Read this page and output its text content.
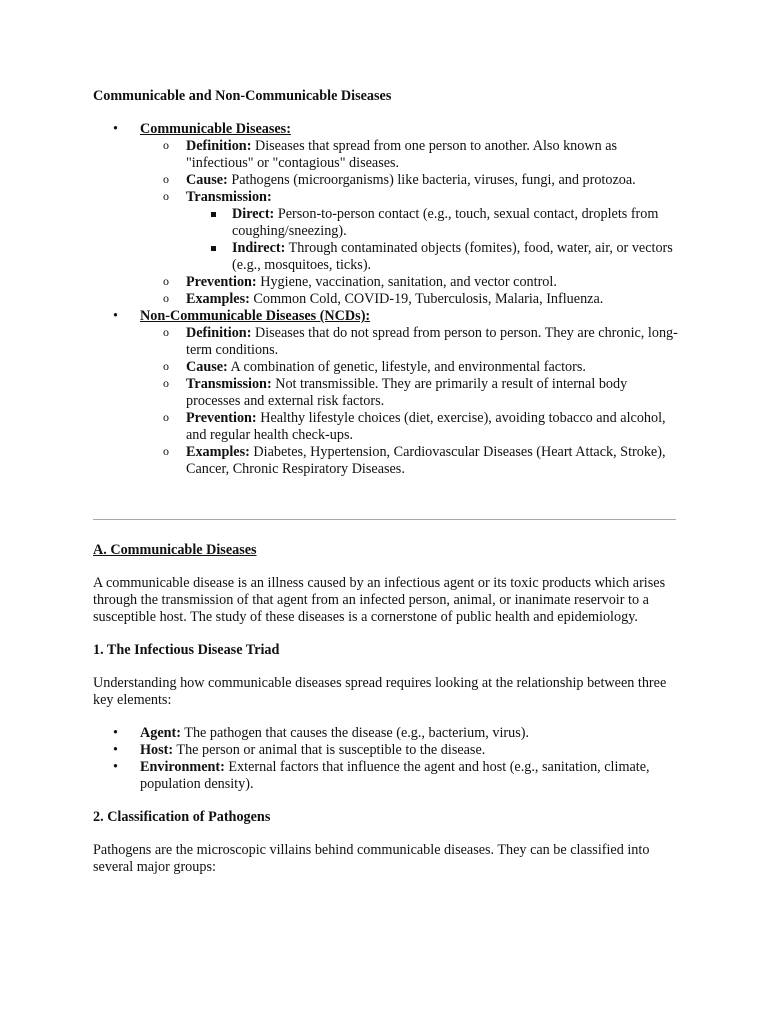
Communicable and Non-Communicable Diseases
• Communicable Diseases:
o Definition: Diseases that spread from one person to another. Also known as "infectious" or "contagious" diseases.
o Cause: Pathogens (microorganisms) like bacteria, viruses, fungi, and protozoa.
o Transmission:
Direct: Person-to-person contact (e.g., touch, sexual contact, droplets from coughing/sneezing).
Indirect: Through contaminated objects (fomites), food, water, air, or vectors (e.g., mosquitoes, ticks).
o Prevention: Hygiene, vaccination, sanitation, and vector control.
o Examples: Common Cold, COVID-19, Tuberculosis, Malaria, Influenza.
• Non-Communicable Diseases (NCDs):
o Definition: Diseases that do not spread from person to person. They are chronic, long-term conditions.
o Cause: A combination of genetic, lifestyle, and environmental factors.
o Transmission: Not transmissible. They are primarily a result of internal body processes and external risk factors.
o Prevention: Healthy lifestyle choices (diet, exercise), avoiding tobacco and alcohol, and regular health check-ups.
o Examples: Diabetes, Hypertension, Cardiovascular Diseases (Heart Attack, Stroke), Cancer, Chronic Respiratory Diseases.
A. Communicable Diseases

A communicable disease is an illness caused by an infectious agent or its toxic products which arises through the transmission of that agent from an infected person, animal, or inanimate reservoir to a susceptible host. The study of these diseases is a cornerstone of public health and epidemiology.

1. The Infectious Disease Triad

Understanding how communicable diseases spread requires looking at the relationship between three key elements:

• Agent: The pathogen that causes the disease (e.g., bacterium, virus).
• Host: The person or animal that is susceptible to the disease.
• Environment: External factors that influence the agent and host (e.g., sanitation, climate, population density).
2. Classification of Pathogens

Pathogens are the microscopic villains behind communicable diseases. They can be classified into several major groups:
